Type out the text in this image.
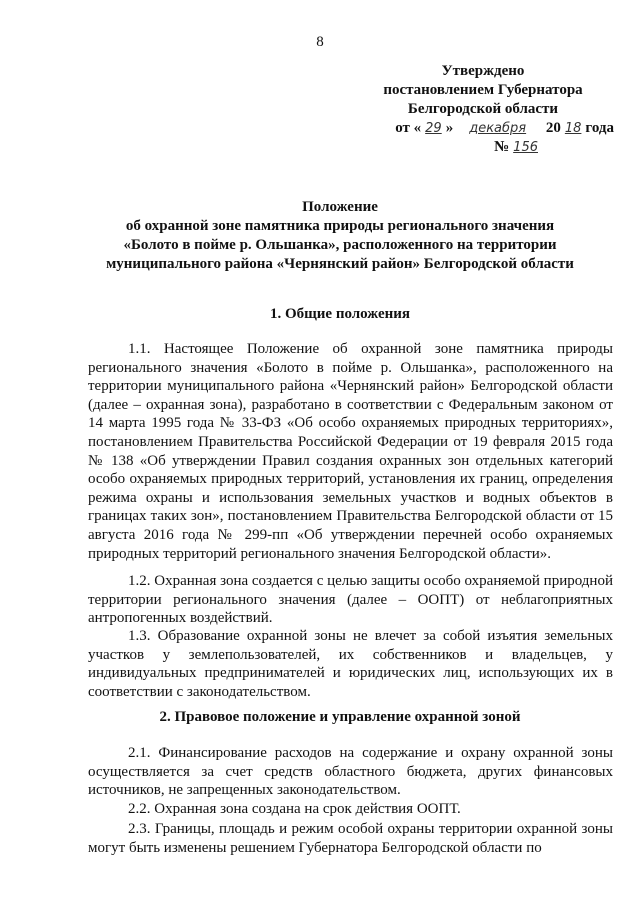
8
Утверждено
постановлением Губернатора
Белгородской области
от « 29 » декабря 20 18 года
№ 156
Положение
об охранной зоне памятника природы регионального значения
«Болото в пойме р. Ольшанка», расположенного на территории
муниципального района «Чернянский район» Белгородской области
1. Общие положения
1.1. Настоящее Положение об охранной зоне памятника природы регионального значения «Болото в пойме р. Ольшанка», расположенного на территории муниципального района «Чернянский район» Белгородской области (далее – охранная зона), разработано в соответствии с Федеральным законом от 14 марта 1995 года № 33-ФЗ «Об особо охраняемых природных территориях», постановлением Правительства Российской Федерации от 19 февраля 2015 года № 138 «Об утверждении Правил создания охранных зон отдельных категорий особо охраняемых природных территорий, установления их границ, определения режима охраны и использования земельных участков и водных объектов в границах таких зон», постановлением Правительства Белгородской области от 15 августа 2016 года № 299-пп «Об утверждении перечней особо охраняемых природных территорий регионального значения Белгородской области».
1.2. Охранная зона создается с целью защиты особо охраняемой природной территории регионального значения (далее – ООПТ) от неблагоприятных антропогенных воздействий.
1.3. Образование охранной зоны не влечет за собой изъятия земельных участков у землепользователей, их собственников и владельцев, у индивидуальных предпринимателей и юридических лиц, использующих их в соответствии с законодательством.
2. Правовое положение и управление охранной зоной
2.1. Финансирование расходов на содержание и охрану охранной зоны осуществляется за счет средств областного бюджета, других финансовых источников, не запрещенных законодательством.
2.2. Охранная зона создана на срок действия ООПТ.
2.3. Границы, площадь и режим особой охраны территории охранной зоны могут быть изменены решением Губернатора Белгородской области по
